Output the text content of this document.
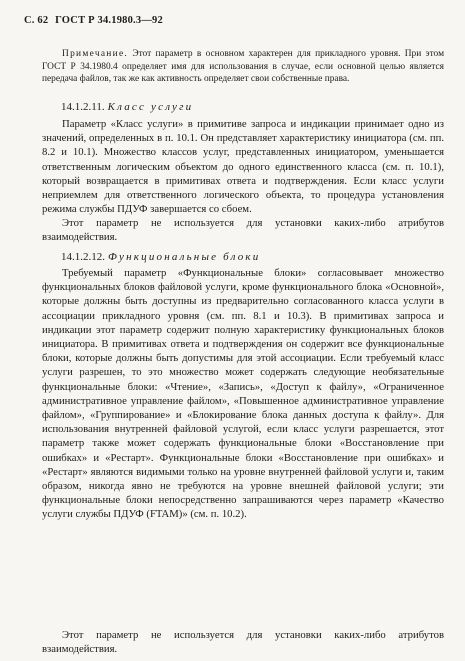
С. 62 ГОСТ Р 34.1980.3—92
Примечание. Этот параметр в основном характерен для прикладного уровня. При этом ГОСТ Р 34.1980.4 определяет имя для использования в случае, если основной целью является передача файлов, так же как активность определяет свои собственные права.
14.1.2.11. Класс услуги
Параметр «Класс услуги» в примитиве запроса и индикации принимает одно из значений, определенных в п. 10.1. Он представляет характеристику инициатора (см. пп. 8.2 и 10.1). Множество классов услуг, представленных инициатором, уменьшается ответственным логическим объектом до одного единственного класса (см. п. 10.1), который возвращается в примитивах ответа и подтверждения. Если класс услуги неприемлем для ответственного логического объекта, то процедура установления режима службы ПДУФ завершается со сбоем.
Этот параметр не используется для установки каких-либо атрибутов взаимодействия.
14.1.2.12. Функциональные блоки
Требуемый параметр «Функциональные блоки» согласовывает множество функциональных блоков файловой услуги, кроме функционального блока «Основной», которые должны быть доступны из предварительно согласованного класса услуги в ассоциации прикладного уровня (см. пп. 8.1 и 10.3). В примитивах запроса и индикации этот параметр содержит полную характеристику функциональных блоков инициатора. В примитивах ответа и подтверждения он содержит все функциональные блоки, которые должны быть допустимы для этой ассоциации. Если требуемый класс услуги разрешен, то это множество может содержать следующие необязательные функциональные блоки: «Чтение», «Запись», «Доступ к файлу», «Ограниченное административное управление файлом», «Повышенное административное управление файлом», «Группирование» и «Блокирование блока данных доступа к файлу». Для использования внутренней файловой услугой, если класс услуги разрешается, этот параметр также может содержать функциональные блоки «Восстановление при ошибках» и «Рестарт». Функциональные блоки «Восстановление при ошибках» и «Рестарт» являются видимыми только на уровне внутренней файловой услуги и, таким образом, никогда явно не требуются на уровне внешней файловой услуги; эти функциональные блоки непосредственно запрашиваются через параметр «Качество услуги службы ПДУФ (FTAM)» (см. п. 10.2).
Этот параметр не используется для установки каких-либо атрибутов взаимодействия.
